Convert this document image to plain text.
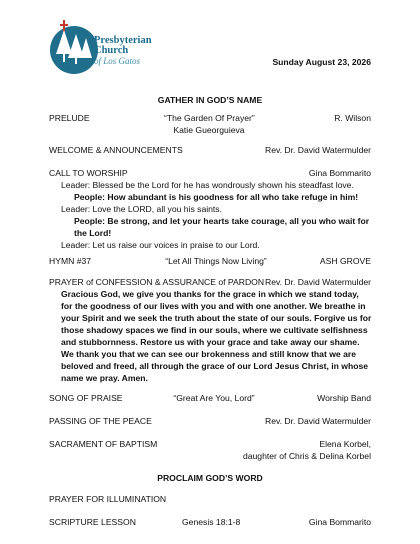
Presbyterian
Church
of Los Gatos	Sunday August 23, 2026
GATHER IN GOD’S NAME
PRELUDE	“The Garden Of Prayer”	R. Wilson
Katie Gueorguieva
WELCOME & ANNOUNCEMENTS	Rev. Dr. David Watermulder
CALL TO WORSHIP	Gina Bommarito
Leader: Blessed be the Lord for he has wondrously shown his steadfast love.
People: How abundant is his goodness for all who take refuge in him!
Leader: Love the LORD, all you his saints.
People: Be strong, and let your hearts take courage, all you who wait for
the Lord!
Leader: Let us raise our voices in praise to our Lord.
HYMN #37	“Let All Things Now Living”	ASH GROVE
PRAYER of CONFESSION & ASSURANCE of PARDON Rev. Dr. David Watermulder
Gracious God, we give you thanks for the grace in which we stand today,
for the goodness of our lives with you and with one another. We breathe in
your Spirit and we seek the truth about the state of our souls. Forgive us for
those shadowy spaces we find in our souls, where we cultivate selfishness
and stubbornness. Restore us with your grace and take away our shame.
We thank you that we can see our brokenness and still know that we are
beloved and freed, all through the grace of our Lord Jesus Christ, in whose
name we pray. Amen.
SONG OF PRAISE	“Great Are You, Lord”	Worship Band
PASSING OF THE PEACE	Rev. Dr. David Watermulder
SACRAMENT OF BAPTISM	Elena Korbel,
daughter of Chris & Delina Korbel
PROCLAIM GOD’S WORD
PRAYER FOR ILLUMINATION
SCRIPTURE LESSON	Genesis 18:1-8	Gina Bommarito
